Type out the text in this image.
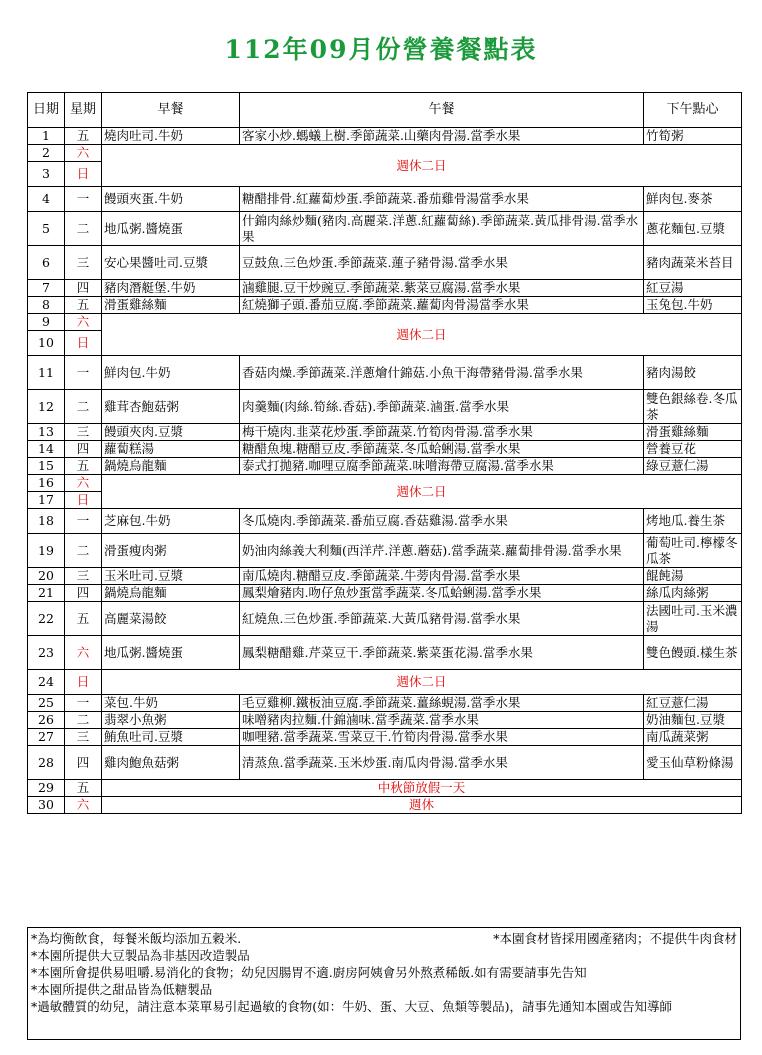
112年09月份營養餐點表
日期	星期	早餐	午餐	下午點心
1	五	燒肉吐司.牛奶	客家小炒.螞蟻上樹.季節蔬菜.山藥肉骨湯.當季水果	竹筍粥
2	六	週休二日		
3	日			
4	一	饅頭夾蛋.牛奶	糖醋排骨.紅蘿蔔炒蛋.季節蔬菜.番茄雞骨湯當季水果	鮮肉包.麥茶
5	二	地瓜粥.醬燒蛋	什錦肉絲炒麵(豬肉.高麗菜.洋蔥.紅蘿蔔絲).季節蔬菜.黃瓜排骨湯.當季水果	蔥花麵包.豆漿
6	三	安心果醬吐司.豆漿	豆鼓魚.三色炒蛋.季節蔬菜.蓮子豬骨湯.當季水果	豬肉蔬菜米苔目
7	四	豬肉潛艇堡.牛奶	滷雞腿.豆干炒豌豆.季節蔬菜.紫菜豆腐湯.當季水果	紅豆湯
8	五	滑蛋雞絲麵	紅燒獅子頭.番茄豆腐.季節蔬菜.蘿蔔肉骨湯當季水果	玉兔包.牛奶
9	六	週休二日		
10	日			
11	一	鮮肉包.牛奶	香菇肉燥.季節蔬菜.洋蔥燴什錦菇.小魚干海帶豬骨湯.當季水果	豬肉湯餃
12	二	雞茸杏鮑菇粥	肉羹麵(肉絲.筍絲.香菇).季節蔬菜.滷蛋.當季水果	雙色銀絲卷.冬瓜茶
13	三	饅頭夾肉.豆漿	梅干燒肉.韭菜花炒蛋.季節蔬菜.竹筍肉骨湯.當季水果	滑蛋雞絲麵
14	四	蘿蔔糕湯	糖醋魚塊.糖醋豆皮.季節蔬菜.冬瓜蛤蜊湯.當季水果	營養豆花
15	五	鍋燒烏龍麵	泰式打拋豬.咖哩豆腐季節蔬菜.味噌海帶豆腐湯.當季水果	綠豆薏仁湯
16	六	週休二日		
17	日			
18	一	芝麻包.牛奶	冬瓜燒肉.季節蔬菜.番茄豆腐.香菇雞湯.當季水果	烤地瓜.養生茶
19	二	滑蛋瘦肉粥	奶油肉絲義大利麵(西洋芹.洋蔥.蘑菇).當季蔬菜.蘿蔔排骨湯.當季水果	葡萄吐司.檸檬冬瓜茶
20	三	玉米吐司.豆漿	南瓜燒肉.糖醋豆皮.季節蔬菜.牛蒡肉骨湯.當季水果	餛飩湯
21	四	鍋燒烏龍麵	鳳梨燴豬肉.吻仔魚炒蛋當季蔬菜.冬瓜蛤蜊湯.當季水果	絲瓜肉絲粥
22	五	高麗菜湯餃	紅燒魚.三色炒蛋.季節蔬菜.大黃瓜豬骨湯.當季水果	法國吐司.玉米濃湯
23	六	地瓜粥.醬燒蛋	鳳梨糖醋雞.芹菜豆干.季節蔬菜.紫菜蛋花湯.當季水果	雙色饅頭.樣生茶
24	日	週休二日		
25	一	菜包.牛奶	毛豆雞柳.鐵板油豆腐.季節蔬菜.薑絲蜆湯.當季水果	紅豆薏仁湯
26	二	翡翠小魚粥	味噌豬肉拉麵.什錦滷味.當季蔬菜.當季水果	奶油麵包.豆漿
27	三	鮪魚吐司.豆漿	咖哩豬.當季蔬菜.雪菜豆干.竹筍肉骨湯.當季水果	南瓜蔬菜粥
28	四	雞肉鮑魚菇粥	清蒸魚.當季蔬菜.玉米炒蛋.南瓜肉骨湯.當季水果	愛玉仙草粉條湯
29	五	中秋節放假一天		
30	六	週休		
*為均衡飲食，每餐米飯均添加五穀米.	*本園食材皆採用國產豬肉；不提供牛肉食材
*本園所提供大豆製品為非基因改造製品
*本園所會提供易咀嚼.易消化的食物；幼兒因腸胃不適.廚房阿姨會另外熬煮稀飯.如有需要請事先告知
*本園所提供之甜品皆為低糖製品
*過敏體質的幼兒，請注意本菜單易引起過敏的食物(如：牛奶、蛋、大豆、魚類等製品)，請事先通知本園或告知導師
